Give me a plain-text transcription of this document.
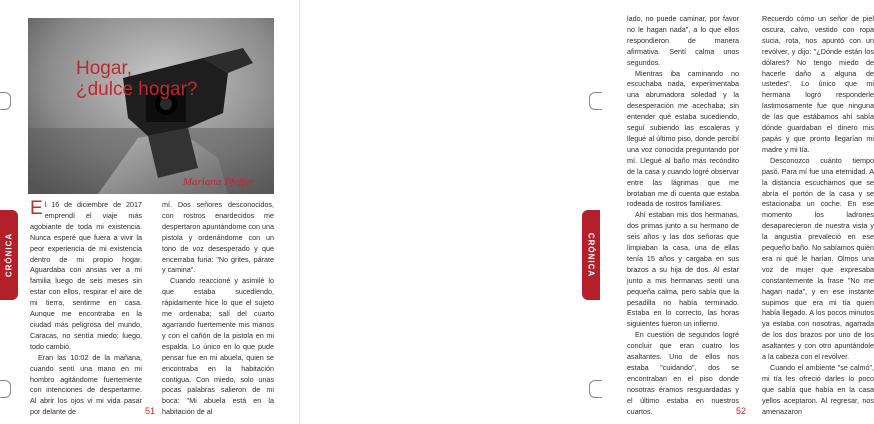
CRÓNICA
Hogar,
¿dulce hogar?
Mariana Pfeffer

El 16 de diciembre de 2017 emprendí el viaje más agobiante de toda mi existencia. Nunca esperé que fuera a vivir la peor experiencia de mi existencia dentro de mi propio hogar. Aguardaba con ansias ver a mi familia luego de seis meses sin estar con ellos, respirar el aire de mi tierra, sentirme en casa. Aunque me encontraba en la ciudad más peligrosa del mundo, Caracas, no sentía miedo; luego, todo cambió.

Eran las 10:02 de la mañana, cuando sentí una mano en mi hombro agitándome fuertemente con intenciones de despertarme. Al abrir los ojos vi mi vida pasar por delante de

mí. Dos señores desconocidos, con rostros enardecidos me despertaron apuntándome con una pistola y ordenándome con un tono de voz desesperado y que encerraba furia: "No grites, párate y camina".

Cuando reaccioné y asimilé lo que estaba sucediendo, rápidamente hice lo que el sujeto me ordenaba; salí del cuarto agarrando fuertemente mis manos y con el cañón de la pistola en mi espalda. Lo único en lo que pude pensar fue en mi abuela, quien se encontraba en la habitación contigua. Con miedo, solo unas pocas palabras salieron de mi boca: "Mi abuela está en la habitación de al

51
CRÓNICA

lado, no puede caminar, por favor no le hagan nada", a lo que ellos respondieron de manera afirmativa. Sentí calma unos segundos.

Mientras iba caminando no escuchaba nada, experimentaba una abrumadora soledad y la desesperación me acechaba; sin entender qué estaba sucediendo, seguí subiendo las escaleras y llegué al último piso, donde percibí una voz conocida preguntando por mí. Llegué al baño más recóndito de la casa y cuando logré observar entre las lágrimas que me brotaban me di cuenta que estaba rodeada de rostros familiares.

Ahí estaban mis dos hermanas, dos primas junto a su hermano de seis años y las dos señoras que limpiaban la casa, una de ellas tenía 15 años y cargaba en sus brazos a su hija de dos. Al estar junto a mis hermanas sentí una pequeña calma, pero sabía que la pesadilla no había terminado. Estaba en lo correcto, las horas siguientes fueron un infierno.

En cuestión de segundos logré concluir que eran cuatro los asaltantes. Uno de ellos nos estaba "cuidando", dos se encontraban en el piso donde nosotras éramos resguardadas y el último estaba en nuestros cuartos.

Recuerdo cómo un señor de piel oscura, calvo, vestido con ropa sucia, rota, nos apuntó con un revólver, y dijo: "¿Dónde están los dólares? No tengo miedo de hacerle daño a alguna de ustedes". Lo único que mi hermana logró responderle lastimosamente fue que ninguna de las que estábamos ahí sabía dónde guardaban el dinero mis papás y que pronto llegarían mi madre y mi tía.

Desconozco cuánto tiempo pasó. Para mí fue una eternidad. A la distancia escuchamos que se abría el portón de la casa y se estacionaba un coche. En ese momento los ladrones desaparecieron de nuestra vista y la angustia prevaleció en ese pequeño baño. No sabíamos quién era ni qué le harían. Olmos una voz de mujer que expresaba constantemente la frase "No me hagan nada", y en ese instante supimos que era mi tía quien había llegado. A los pocos minutos ya estaba con nosotras, agarrada de los dos brazos por uno de los asaltantes y con otro apuntándole a la cabeza con el revólver.

Cuando el ambiente "se calmó", mi tía les ofreció darles lo poco que sabía que había en la casa yellos aceptaron. Al regresar, nos amenazaron

52
